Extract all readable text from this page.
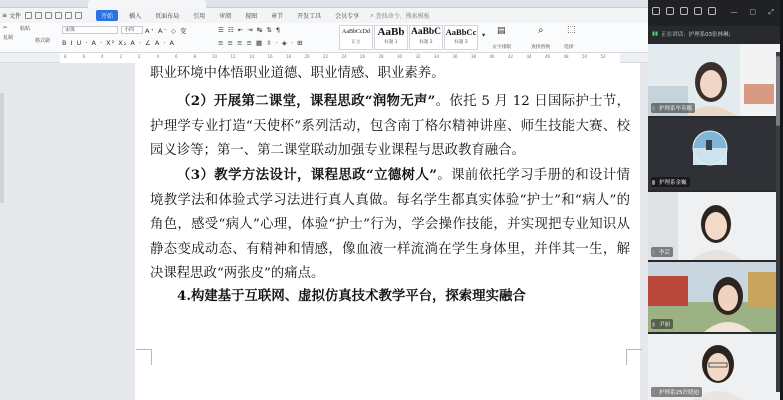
≡ 文件	开始	插入 页面布局 引用 审阅 视图 章节 开发工具 会员专享 ⌕ 查找命令、搜索模板
✂
复制
粘贴
格式刷
宋体	小四	A⁺ A⁻ ◇ 变
B I U · A · X² X₂ A · ∠ A · A
☰ ☷ ⇤ ⇥ ↹ ⇅ ¶
≡ ≡ ≡ ≡ ▦ ⇳ · ◈ · ⊞
AaBbCcDd
正文
AaBb
标题 1
AaBbC
标题 2
AaBbCc
标题 3
▾ ▤
文字排版
⌕
查找替换
⬚
选择
8	6	4	2	2	4	6	8	10	12	14	16	18	20	22	24	26	28	30	32	34	36	38	40	42	44	46	48	50	52
职业环境中体悟职业道德、职业情感、职业素养。
（2）开展第二课堂，课程思政“润物无声”。依托 5 月 12 日国际护士节，护理学专业打造“天使杯”系列活动，包含南丁格尔精神讲座、师生技能大赛、校园义诊等；第一、第二课堂联动加强专业课程与思政教育融合。
（3）教学方法设计，课程思政“立德树人”。课前依托学习手册的和设计情境教学法和体验式学习法进行真人真做。每名学生都真实体验“护士”和“病人”的角色，感受“病人”心理，体验“护士”行为，学会操作技能，并实现把专业知识从静态变成动态、有精神和情感，像血液一样流淌在学生身体里，并伴其一生，解决课程思政“两张皮”的痛点。
4.构建基于互联网、虚拟仿真技术教学平台，探索理实融合
— ▢ ⤢
▮▮ 正在讲话：护理系03张林琳;
护理系毕英娜
护理系金巍
李芸
尹丽
护理系25许晓迪
